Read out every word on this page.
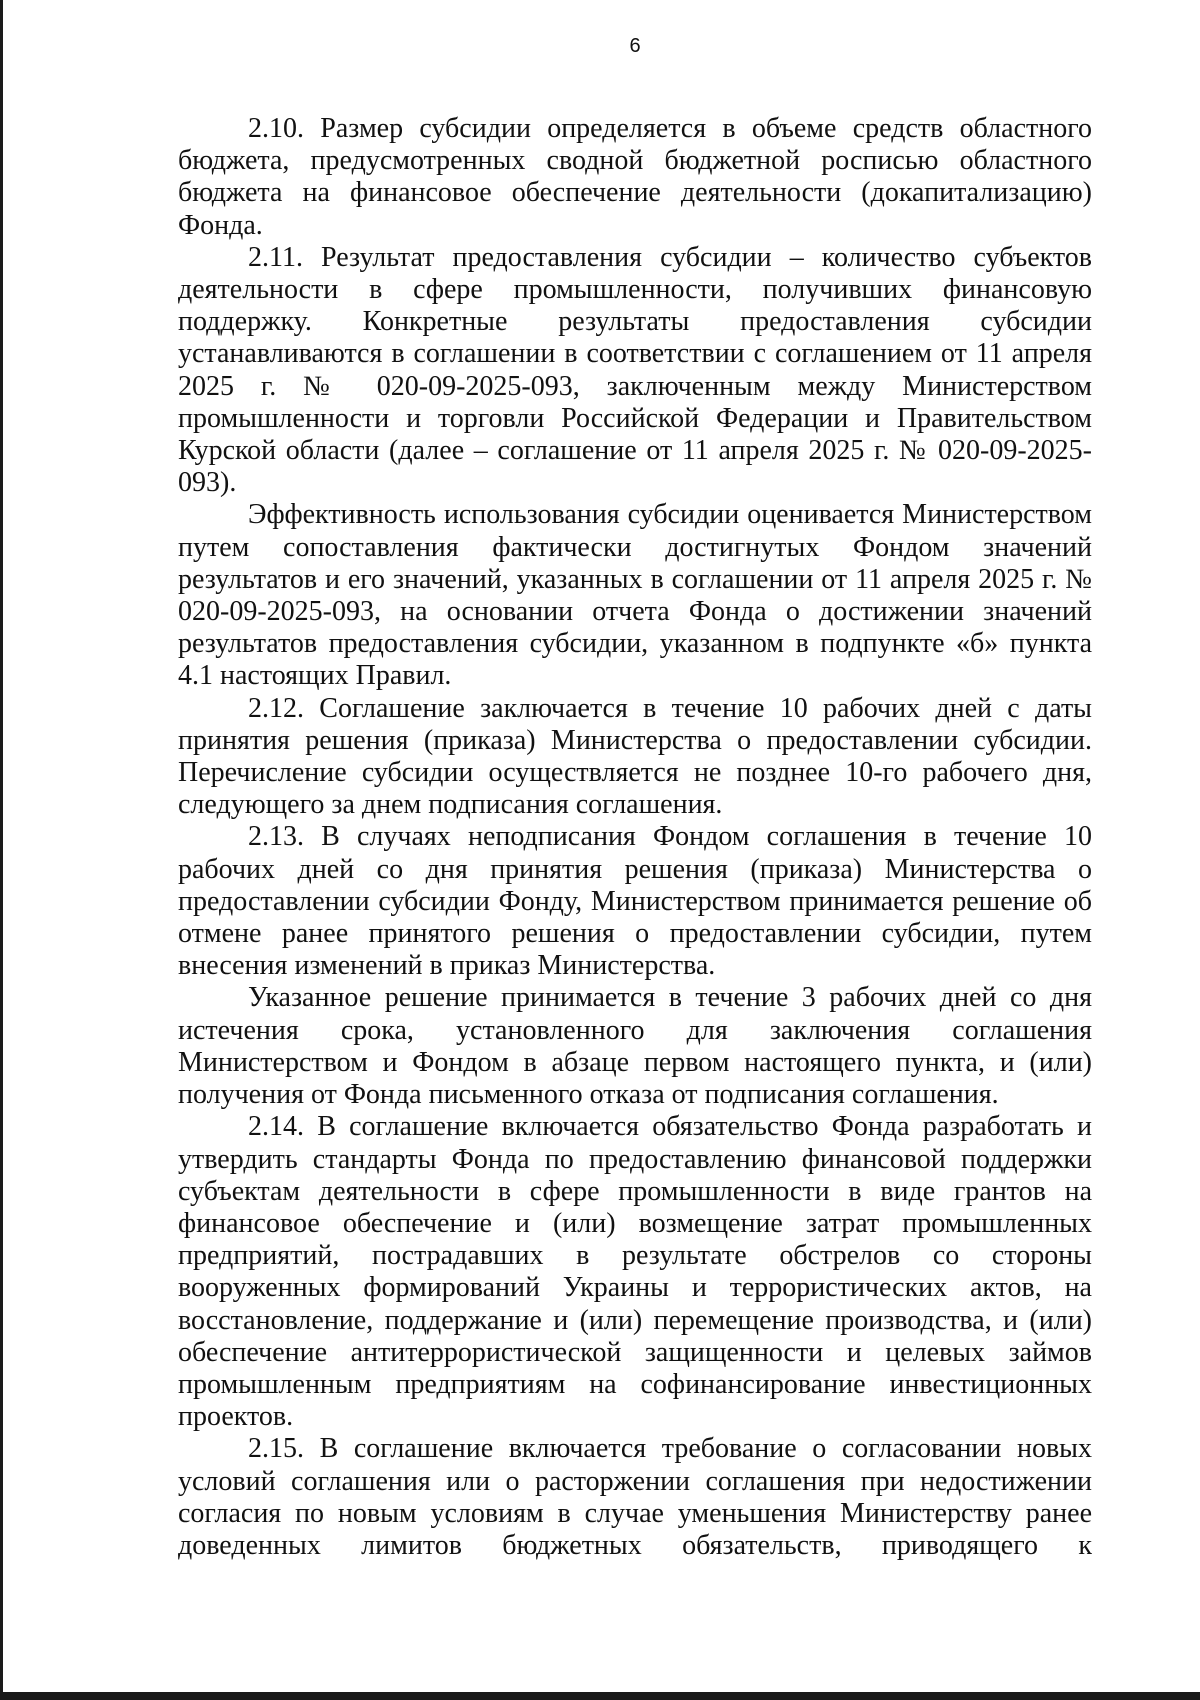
6

2.10. Размер субсидии определяется в объеме средств областного бюджета, предусмотренных сводной бюджетной росписью областного бюджета на финансовое обеспечение деятельности (докапитализацию) Фонда.

2.11. Результат предоставления субсидии – количество субъектов деятельности в сфере промышленности, получивших финансовую поддержку. Конкретные результаты предоставления субсидии устанавливаются в соглашении в соответствии с соглашением от 11 апреля 2025 г. № 020-09-2025-093, заключенным между Министерством промышленности и торговли Российской Федерации и Правительством Курской области (далее – соглашение от 11 апреля 2025 г. № 020-09-2025-093).

Эффективность использования субсидии оценивается Министерством путем сопоставления фактически достигнутых Фондом значений результатов и его значений, указанных в соглашении от 11 апреля 2025 г. № 020-09-2025-093, на основании отчета Фонда о достижении значений результатов предоставления субсидии, указанном в подпункте «б» пункта 4.1 настоящих Правил.

2.12. Соглашение заключается в течение 10 рабочих дней с даты принятия решения (приказа) Министерства о предоставлении субсидии. Перечисление субсидии осуществляется не позднее 10-го рабочего дня, следующего за днем подписания соглашения.

2.13. В случаях неподписания Фондом соглашения в течение 10 рабочих дней со дня принятия решения (приказа) Министерства о предоставлении субсидии Фонду, Министерством принимается решение об отмене ранее принятого решения о предоставлении субсидии, путем внесения изменений в приказ Министерства.

Указанное решение принимается в течение 3 рабочих дней со дня истечения срока, установленного для заключения соглашения Министерством и Фондом в абзаце первом настоящего пункта, и (или) получения от Фонда письменного отказа от подписания соглашения.

2.14. В соглашение включается обязательство Фонда разработать и утвердить стандарты Фонда по предоставлению финансовой поддержки субъектам деятельности в сфере промышленности в виде грантов на финансовое обеспечение и (или) возмещение затрат промышленных предприятий, пострадавших в результате обстрелов со стороны вооруженных формирований Украины и террористических актов, на восстановление, поддержание и (или) перемещение производства, и (или) обеспечение антитеррористической защищенности и целевых займов промышленным предприятиям на софинансирование инвестиционных проектов.

2.15. В соглашение включается требование о согласовании новых условий соглашения или о расторжении соглашения при недостижении согласия по новым условиям в случае уменьшения Министерству ранее доведенных лимитов бюджетных обязательств, приводящего к
